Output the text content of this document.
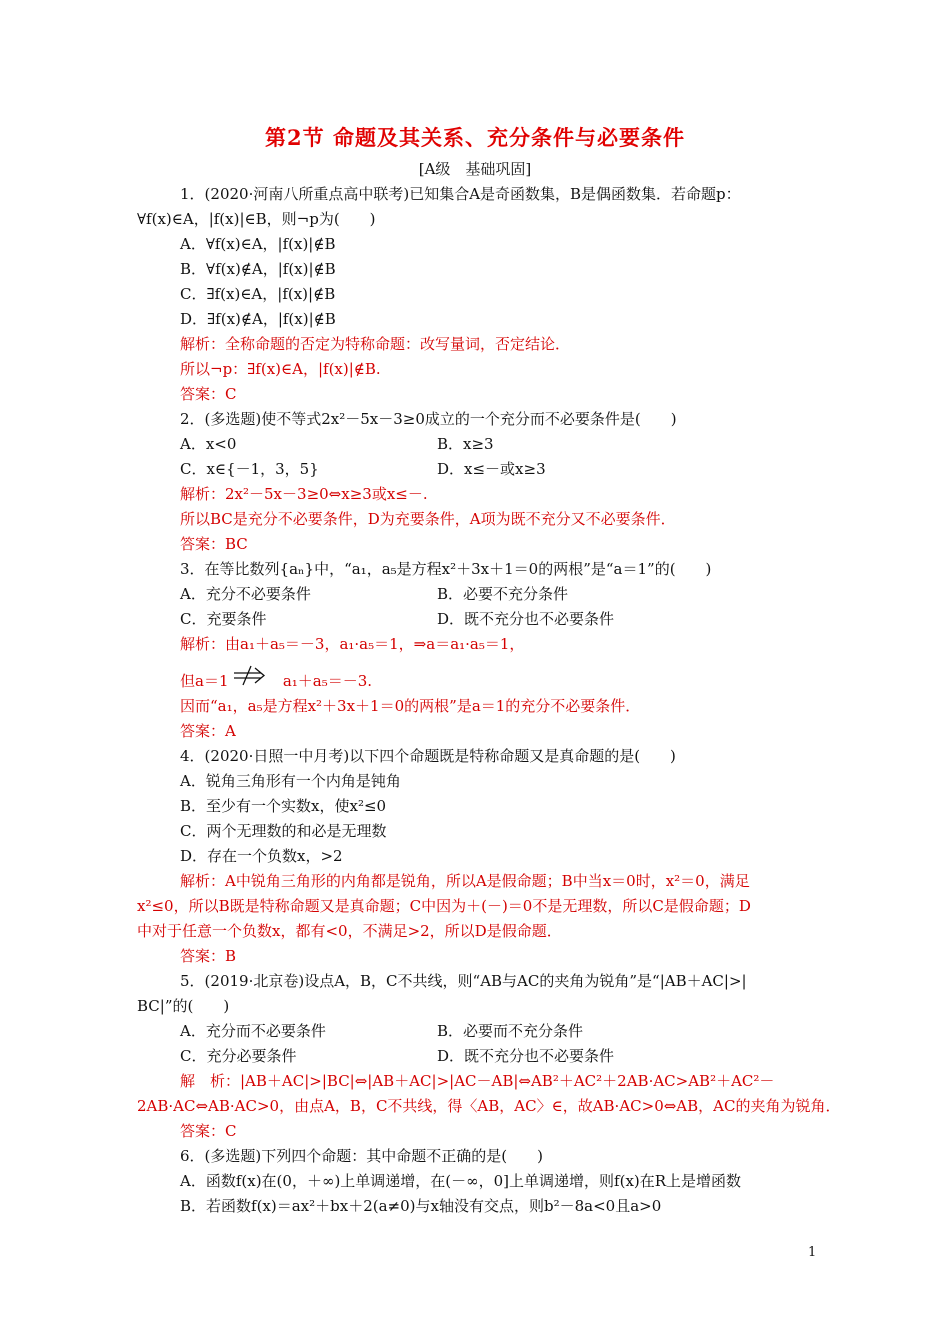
第2节 命题及其关系、充分条件与必要条件
[A级　基础巩固]
1．(2020·河南八所重点高中联考)已知集合A是奇函数集，B是偶函数集．若命题p：
∀f(x)∈A，|f(x)|∈B，则¬p为(　　)
A．∀f(x)∈A，|f(x)|∉B
B．∀f(x)∉A，|f(x)|∉B
C．∃f(x)∈A，|f(x)|∉B
D．∃f(x)∉A，|f(x)|∉B
解析：全称命题的否定为特称命题：改写量词，否定结论．
所以¬p：∃f(x)∈A，|f(x)|∉B.
答案：C
2．(多选题)使不等式2x²－5x－3≥0成立的一个充分而不必要条件是(　　)
A．x<0	B．x≥3
C．x∈{－1，3，5}	D．x≤－或x≥3
解析：2x²－5x－3≥0⇔x≥3或x≤－.
所以BC是充分不必要条件，D为充要条件，A项为既不充分又不必要条件．
答案：BC
3．在等比数列{aₙ}中，“a₁，a₅是方程x²＋3x＋1＝0的两根”是“a＝1”的(　　)
A．充分不必要条件	B．必要不充分条件
C．充要条件	D．既不充分也不必要条件
解析：由a₁＋a₅＝－3，a₁·a₅＝1，⇒a＝a₁·a₅＝1，
但a＝1	a₁＋a₅＝－3.
因而“a₁，a₅是方程x²＋3x＋1＝0的两根”是a＝1的充分不必要条件．
答案：A
4．(2020·日照一中月考)以下四个命题既是特称命题又是真命题的是(　　)
A．锐角三角形有一个内角是钝角
B．至少有一个实数x，使x²≤0
C．两个无理数的和必是无理数
D．存在一个负数x，>2
解析：A中锐角三角形的内角都是锐角，所以A是假命题；B中当x＝0时，x²＝0，满足
x²≤0，所以B既是特称命题又是真命题；C中因为＋(－)＝0不是无理数，所以C是假命题；D
中对于任意一个负数x，都有<0，不满足>2，所以D是假命题．
答案：B
5．(2019·北京卷)设点A，B，C不共线，则“AB与AC的夹角为锐角”是“|AB＋AC|>|
BC|”的(　　)
A．充分而不必要条件	B．必要而不充分条件
C．充分必要条件	D．既不充分也不必要条件
解　析：|AB＋AC|>|BC|⇔|AB＋AC|>|AC－AB|⇔AB²＋AC²＋2AB·AC>AB²＋AC²－
2AB·AC⇔AB·AC>0，由点A，B，C不共线，得〈AB，AC〉∈，故AB·AC>0⇔AB，AC的夹角为锐角．
答案：C
6．(多选题)下列四个命题：其中命题不正确的是(　　)
A．函数f(x)在(0，＋∞)上单调递增，在(－∞，0]上单调递增，则f(x)在R上是增函数
B．若函数f(x)＝ax²＋bx＋2(a≠0)与x轴没有交点，则b²－8a<0且a>0
1
